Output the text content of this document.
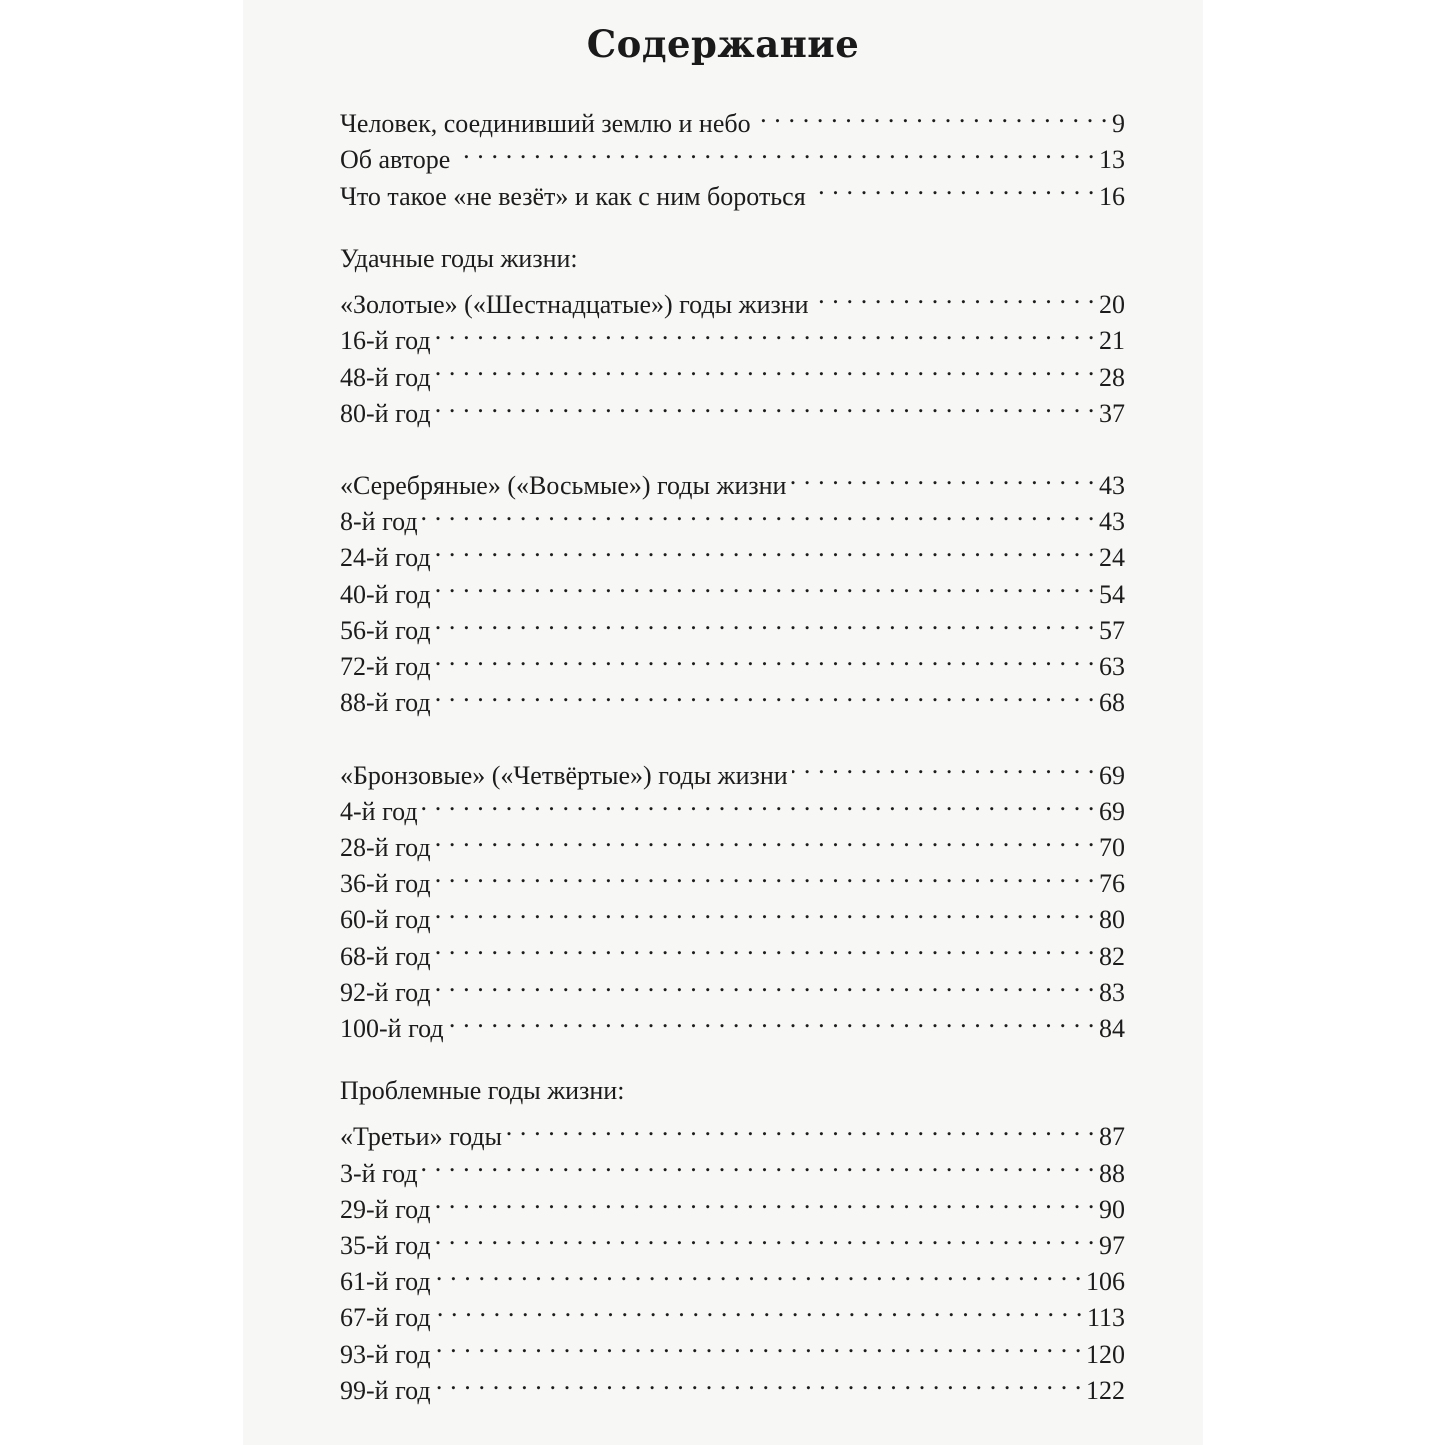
Содержание
Человек, соединивший землю и небо . . .	9
Об авторе . . .	13
Что такое «не везёт» и как с ним бороться . . .	16
Удачные годы жизни:
«Золотые» («Шестнадцатые») годы жизни . . .	20
16-й год . . .	21
48-й год . . .	28
80-й год . . .	37
«Серебряные» («Восьмые») годы жизни . . .	43
8-й год . . .	43
24-й год . . .	24
40-й год . . .	54
56-й год . . .	57
72-й год . . .	63
88-й год . . .	68
«Бронзовые» («Четвёртые») годы жизни . . .	69
4-й год . . .	69
28-й год . . .	70
36-й год . . .	76
60-й год . . .	80
68-й год . . .	82
92-й год . . .	83
100-й год . . .	84
Проблемные годы жизни:
«Третьи» годы . . .	87
3-й год . . .	88
29-й год . . .	90
35-й год . . .	97
61-й год . . .	106
67-й год . . .	113
93-й год . . .	120
99-й год . . .	122
